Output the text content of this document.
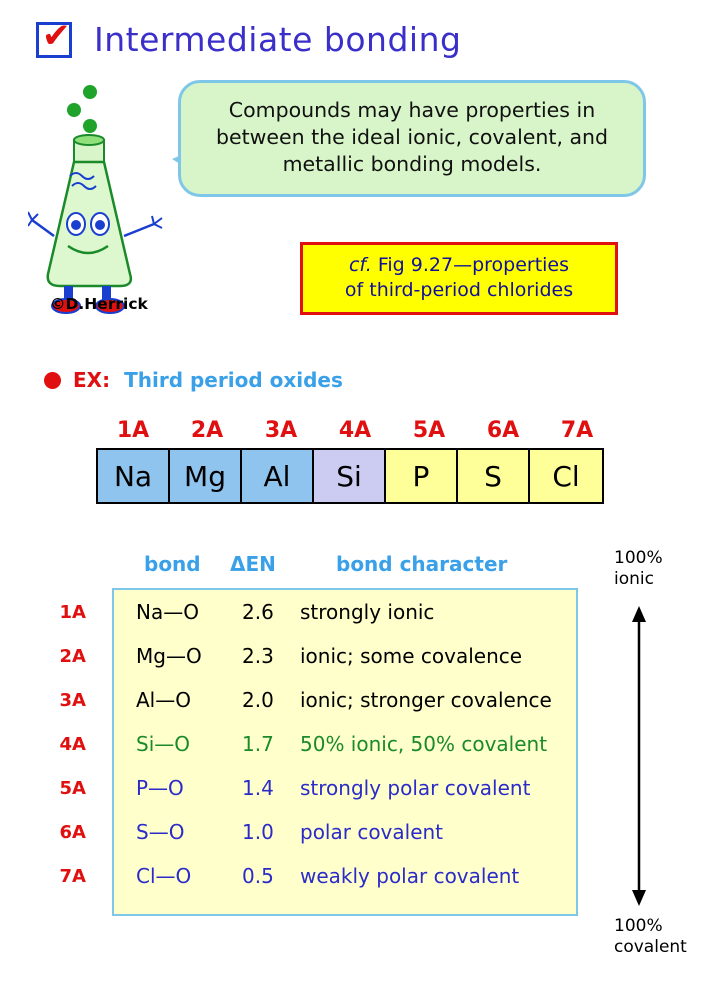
✔ Intermediate bonding
©D.Herrick
Compounds may have properties in between the ideal ionic, covalent, and metallic bonding models.
cf. Fig 9.27—properties
of third-period chlorides
EX: Third period oxides
1A	2A	3A	4A	5A	6A	7A
Na	Mg	Al	Si	P	S	Cl
bond ΔEN	bond character
1A	Na—O	2.6	strongly ionic
2A	Mg—O	2.3	ionic; some covalence
3A	Al—O	2.0	ionic; stronger covalence
4A	Si—O	1.7	50% ionic, 50% covalent
5A	P—O	1.4	strongly polar covalent
6A	S—O	1.0	polar covalent
7A	Cl—O	0.5	weakly polar covalent
100%
ionic
100%
covalent
